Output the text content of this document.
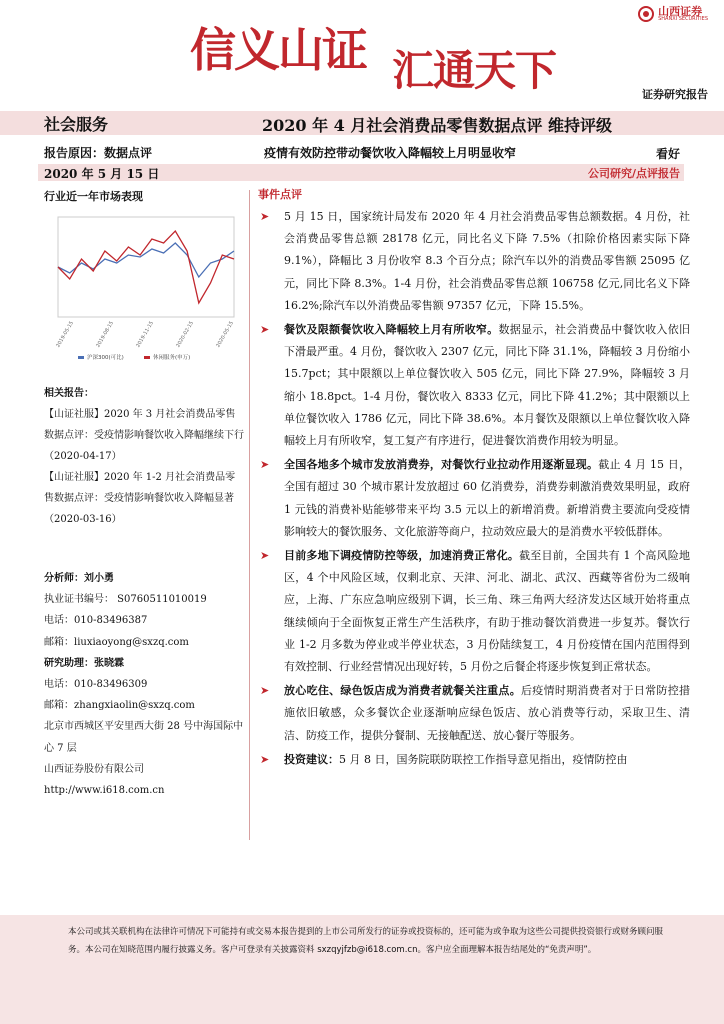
信义山证 汇通天下
山西证券
SHANXI SECURITIES
证券研究报告
社会服务	2020 年 4 月社会消费品零售数据点评 维持评级
报告原因：数据点评	疫情有效防控带动餐饮收入降幅较上月明显收窄	看好
2020 年 5 月 15 日	公司研究/点评报告
行业近一年市场表现
2019-05-15	2019-08-15	2019-11-15	2020-02-15	2020-05-15
沪深300(可比)	休闲服务(申万)
相关报告：
【山证社服】2020 年 3 月社会消费品零售数据点评：受疫情影响餐饮收入降幅继续下行（2020-04-17）
【山证社服】2020 年 1-2 月社会消费品零售数据点评：受疫情影响餐饮收入降幅显著（2020-03-16）
分析师：刘小勇
执业证书编号： S0760511010019
电话：010-83496387
邮箱：liuxiaoyong@sxzq.com
研究助理：张晓霖
电话：010-83496309
邮箱：zhangxiaolin@sxzq.com
北京市西城区平安里西大街 28 号中海国际中心 7 层
山西证券股份有限公司
http://www.i618.com.cn
事件点评
➤ 5 月 15 日，国家统计局发布 2020 年 4 月社会消费品零售总额数据。4 月份，社会消费品零售总额 28178 亿元，同比名义下降 7.5%（扣除价格因素实际下降 9.1%），降幅比 3 月份收窄 8.3 个百分点；除汽车以外的消费品零售额 25095 亿元，同比下降 8.3%。1-4 月份，社会消费品零售总额 106758 亿元,同比名义下降 16.2%;除汽车以外消费品零售额 97357 亿元，下降 15.5%。
➤ 餐饮及限额餐饮收入降幅较上月有所收窄。数据显示，社会消费品中餐饮收入依旧下滑最严重。4 月份，餐饮收入 2307 亿元，同比下降 31.1%，降幅较 3 月份缩小 15.7pct；其中限额以上单位餐饮收入 505 亿元，同比下降 27.9%，降幅较 3 月缩小 18.8pct。1-4 月份，餐饮收入 8333 亿元，同比下降 41.2%；其中限额以上单位餐饮收入 1786 亿元，同比下降 38.6%。本月餐饮及限额以上单位餐饮收入降幅较上月有所收窄，复工复产有序进行，促进餐饮消费作用较为明显。
➤ 全国各地多个城市发放消费券，对餐饮行业拉动作用逐渐显现。截止 4 月 15 日，全国有超过 30 个城市累计发放超过 60 亿消费券，消费券刺激消费效果明显，政府 1 元钱的消费补贴能够带来平均 3.5 元以上的新增消费。新增消费主要流向受疫情影响较大的餐饮服务、文化旅游等商户，拉动效应最大的是消费水平较低群体。
➤ 目前多地下调疫情防控等级，加速消费正常化。截至目前，全国共有 1 个高风险地区，4 个中风险区域，仅剩北京、天津、河北、湖北、武汉、西藏等省份为二级响应，上海、广东应急响应级别下调，长三角、珠三角两大经济发达区域开始将重点继续倾向于全面恢复正常生产生活秩序，有助于推动餐饮消费进一步复苏。餐饮行业 1-2 月多数为停业或半停业状态，3 月份陆续复工，4 月份疫情在国内范围得到有效控制、行业经营情况出现好转，5 月份之后餐企将逐步恢复到正常状态。
➤ 放心吃住、绿色饭店成为消费者就餐关注重点。后疫情时期消费者对于日常防控措施依旧敏感，众多餐饮企业逐渐响应绿色饭店、放心消费等行动，采取卫生、清洁、防疫工作，提供分餐制、无接触配送、放心餐厅等服务。
➤ 投资建议：5 月 8 日，国务院联防联控工作指导意见指出，疫情防控由
本公司或其关联机构在法律许可情况下可能持有或交易本报告提到的上市公司所发行的证券或投资标的，还可能为或争取为这些公司提供投资银行或财务顾问服务。本公司在知晓范围内履行披露义务。客户可登录有关披露资料 sxzqyjfzb@i618.com.cn。客户应全面理解本报告结尾处的“免责声明”。
